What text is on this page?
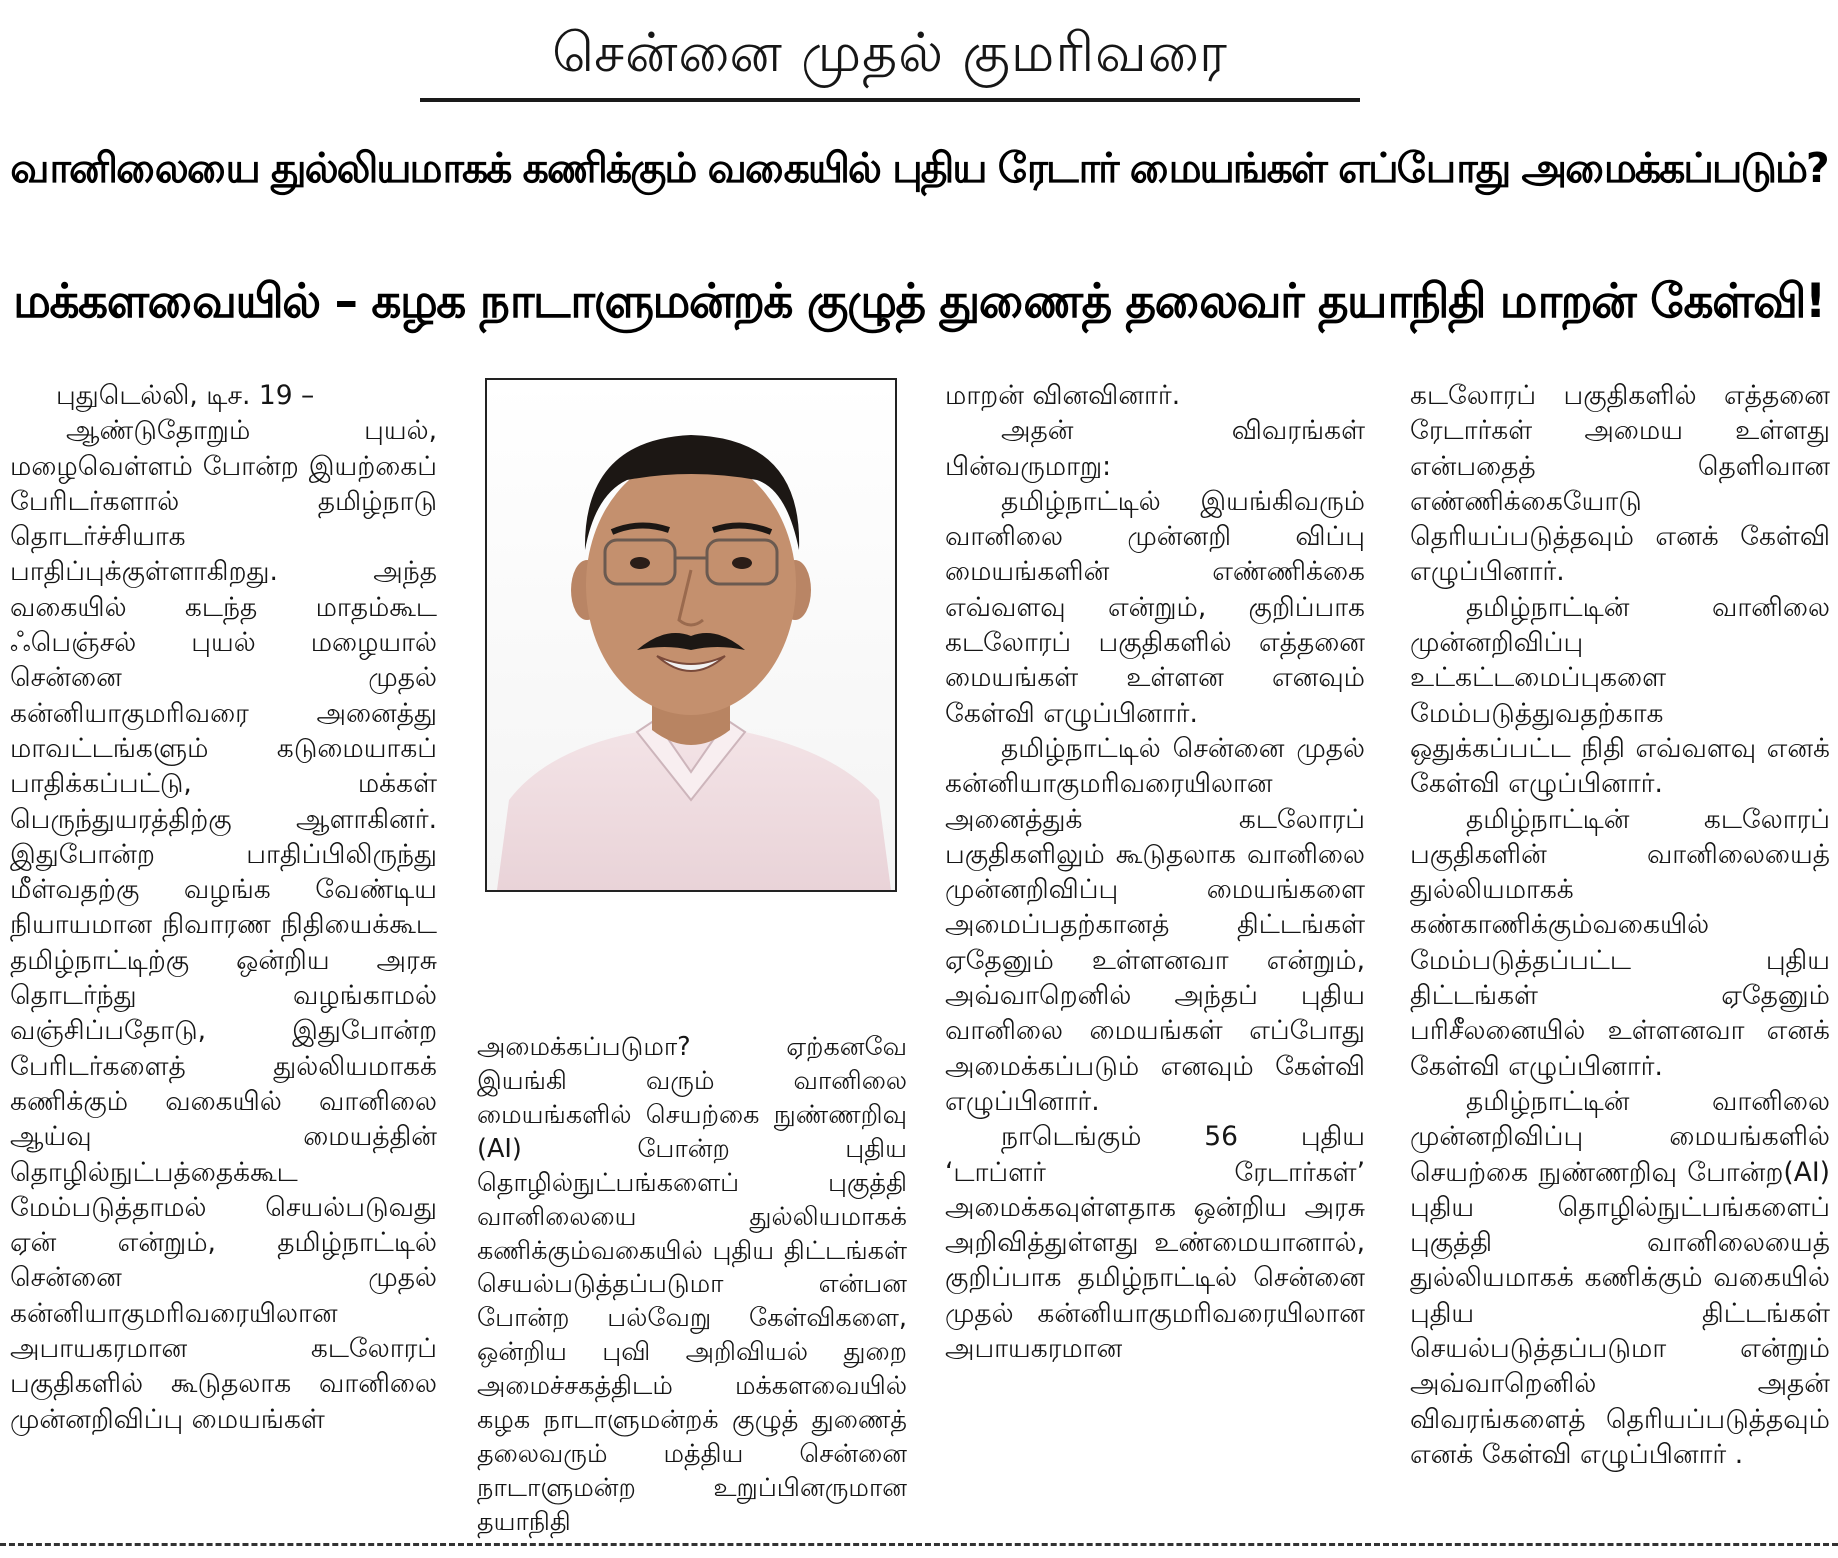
சென்னை முதல் குமரிவரை
வானிலையை துல்லியமாகக் கணிக்கும் வகையில் புதிய ரேடார் மையங்கள் எப்போது அமைக்கப்படும்?
மக்களவையில் – கழக நாடாளுமன்றக் குழுத் துணைத் தலைவர் தயாநிதி மாறன் கேள்வி!

புதுடெல்லி, டிச. 19 –

ஆண்டுதோறும் புயல், மழைவெள்ளம் போன்ற இயற்கைப் பேரிடர்களால் தமிழ்நாடு தொடர்ச்சியாக பாதிப்புக்குள்ளாகிறது. அந்த வகையில் கடந்த மாதம்கூட ஃபெஞ்சல் புயல் மழையால் சென்னை முதல் கன்னியாகுமரிவரை அனைத்து மாவட்டங்களும் கடுமையாகப் பாதிக்கப்பட்டு, மக்கள் பெருந்துயரத்திற்கு ஆளாகினர். இதுபோன்ற பாதிப்பிலிருந்து மீள்வதற்கு வழங்க வேண்டிய நியாயமான நிவாரண நிதியைக்கூட தமிழ்நாட்டிற்கு ஒன்றிய அரசு தொடர்ந்து வழங்காமல் வஞ்சிப்பதோடு, இதுபோன்ற பேரிடர்களைத் துல்லியமாகக் கணிக்கும் வகையில் வானிலை ஆய்வு மையத்தின் தொழில்நுட்பத்தைக்கூட மேம்படுத்தாமல் செயல்படுவது ஏன் என்றும், தமிழ்நாட்டில் சென்னை முதல் கன்னியாகுமரிவரையிலான அபாயகரமான கடலோரப் பகுதிகளில் கூடுதலாக வானிலை முன்னறிவிப்பு மையங்கள்

அமைக்கப்படுமா? ஏற்கனவே இயங்கி வரும் வானிலை மையங்களில் செயற்கை நுண்ணறிவு (AI) போன்ற புதிய தொழில்நுட்பங்களைப் புகுத்தி வானிலையை துல்லியமாகக் கணிக்கும்வகையில் புதிய திட்டங்கள் செயல்படுத்தப்படுமா என்பன போன்ற பல்வேறு கேள்விகளை, ஒன்றிய புவி அறிவியல் துறை அமைச்சகத்திடம் மக்களவையில் கழக நாடாளுமன்றக் குழுத் துணைத் தலைவரும் மத்திய சென்னை நாடாளுமன்ற உறுப்பினருமான தயாநிதி

மாறன் வினவினார்.

அதன் விவரங்கள் பின்வருமாறு:

தமிழ்நாட்டில் இயங்கிவரும் வானிலை முன்னறி விப்பு மையங்களின் எண்ணிக்கை எவ்வளவு என்றும், குறிப்பாக கடலோரப் பகுதிகளில் எத்தனை மையங்கள் உள்ளன எனவும் கேள்வி எழுப்பினார்.

தமிழ்நாட்டில் சென்னை முதல் கன்னியாகுமரிவரையிலான அனைத்துக் கடலோரப் பகுதிகளிலும் கூடுதலாக வானிலை முன்னறிவிப்பு மையங்களை அமைப்பதற்கானத் திட்டங்கள் ஏதேனும் உள்ளனவா என்றும், அவ்வாறெனில் அந்தப் புதிய வானிலை மையங்கள் எப்போது அமைக்கப்படும் எனவும் கேள்வி எழுப்பினார்.

நாடெங்கும் 56 புதிய ‘டாப்ளர் ரேடார்கள்’ அமைக்கவுள்ளதாக ஒன்றிய அரசு அறிவித்துள்ளது உண்மையானால், குறிப்பாக தமிழ்நாட்டில் சென்னை முதல் கன்னியாகுமரிவரையிலான அபாயகரமான

கடலோரப் பகுதிகளில் எத்தனை ரேடார்கள் அமைய உள்ளது என்பதைத் தெளிவான எண்ணிக்கையோடு தெரியப்படுத்தவும் எனக் கேள்வி எழுப்பினார்.

தமிழ்நாட்டின் வானிலை முன்னறிவிப்பு உட்கட்டமைப்புகளை மேம்படுத்துவதற்காக ஒதுக்கப்பட்ட நிதி எவ்வளவு எனக் கேள்வி எழுப்பினார்.

தமிழ்நாட்டின் கடலோரப் பகுதிகளின் வானிலையைத் துல்லியமாகக் கண்காணிக்கும்வகையில் மேம்படுத்தப்பட்ட புதிய திட்டங்கள் ஏதேனும் பரிசீலனையில் உள்ளனவா எனக் கேள்வி எழுப்பினார்.

தமிழ்நாட்டின் வானிலை முன்னறிவிப்பு மையங்களில் செயற்கை நுண்ணறிவு போன்ற(AI) புதிய தொழில்நுட்பங்களைப் புகுத்தி வானிலையைத் துல்லியமாகக் கணிக்கும் வகையில் புதிய திட்டங்கள் செயல்படுத்தப்படுமா என்றும் அவ்வாறெனில் அதன் விவரங்களைத் தெரியப்படுத்தவும் எனக் கேள்வி எழுப்பினார் .
